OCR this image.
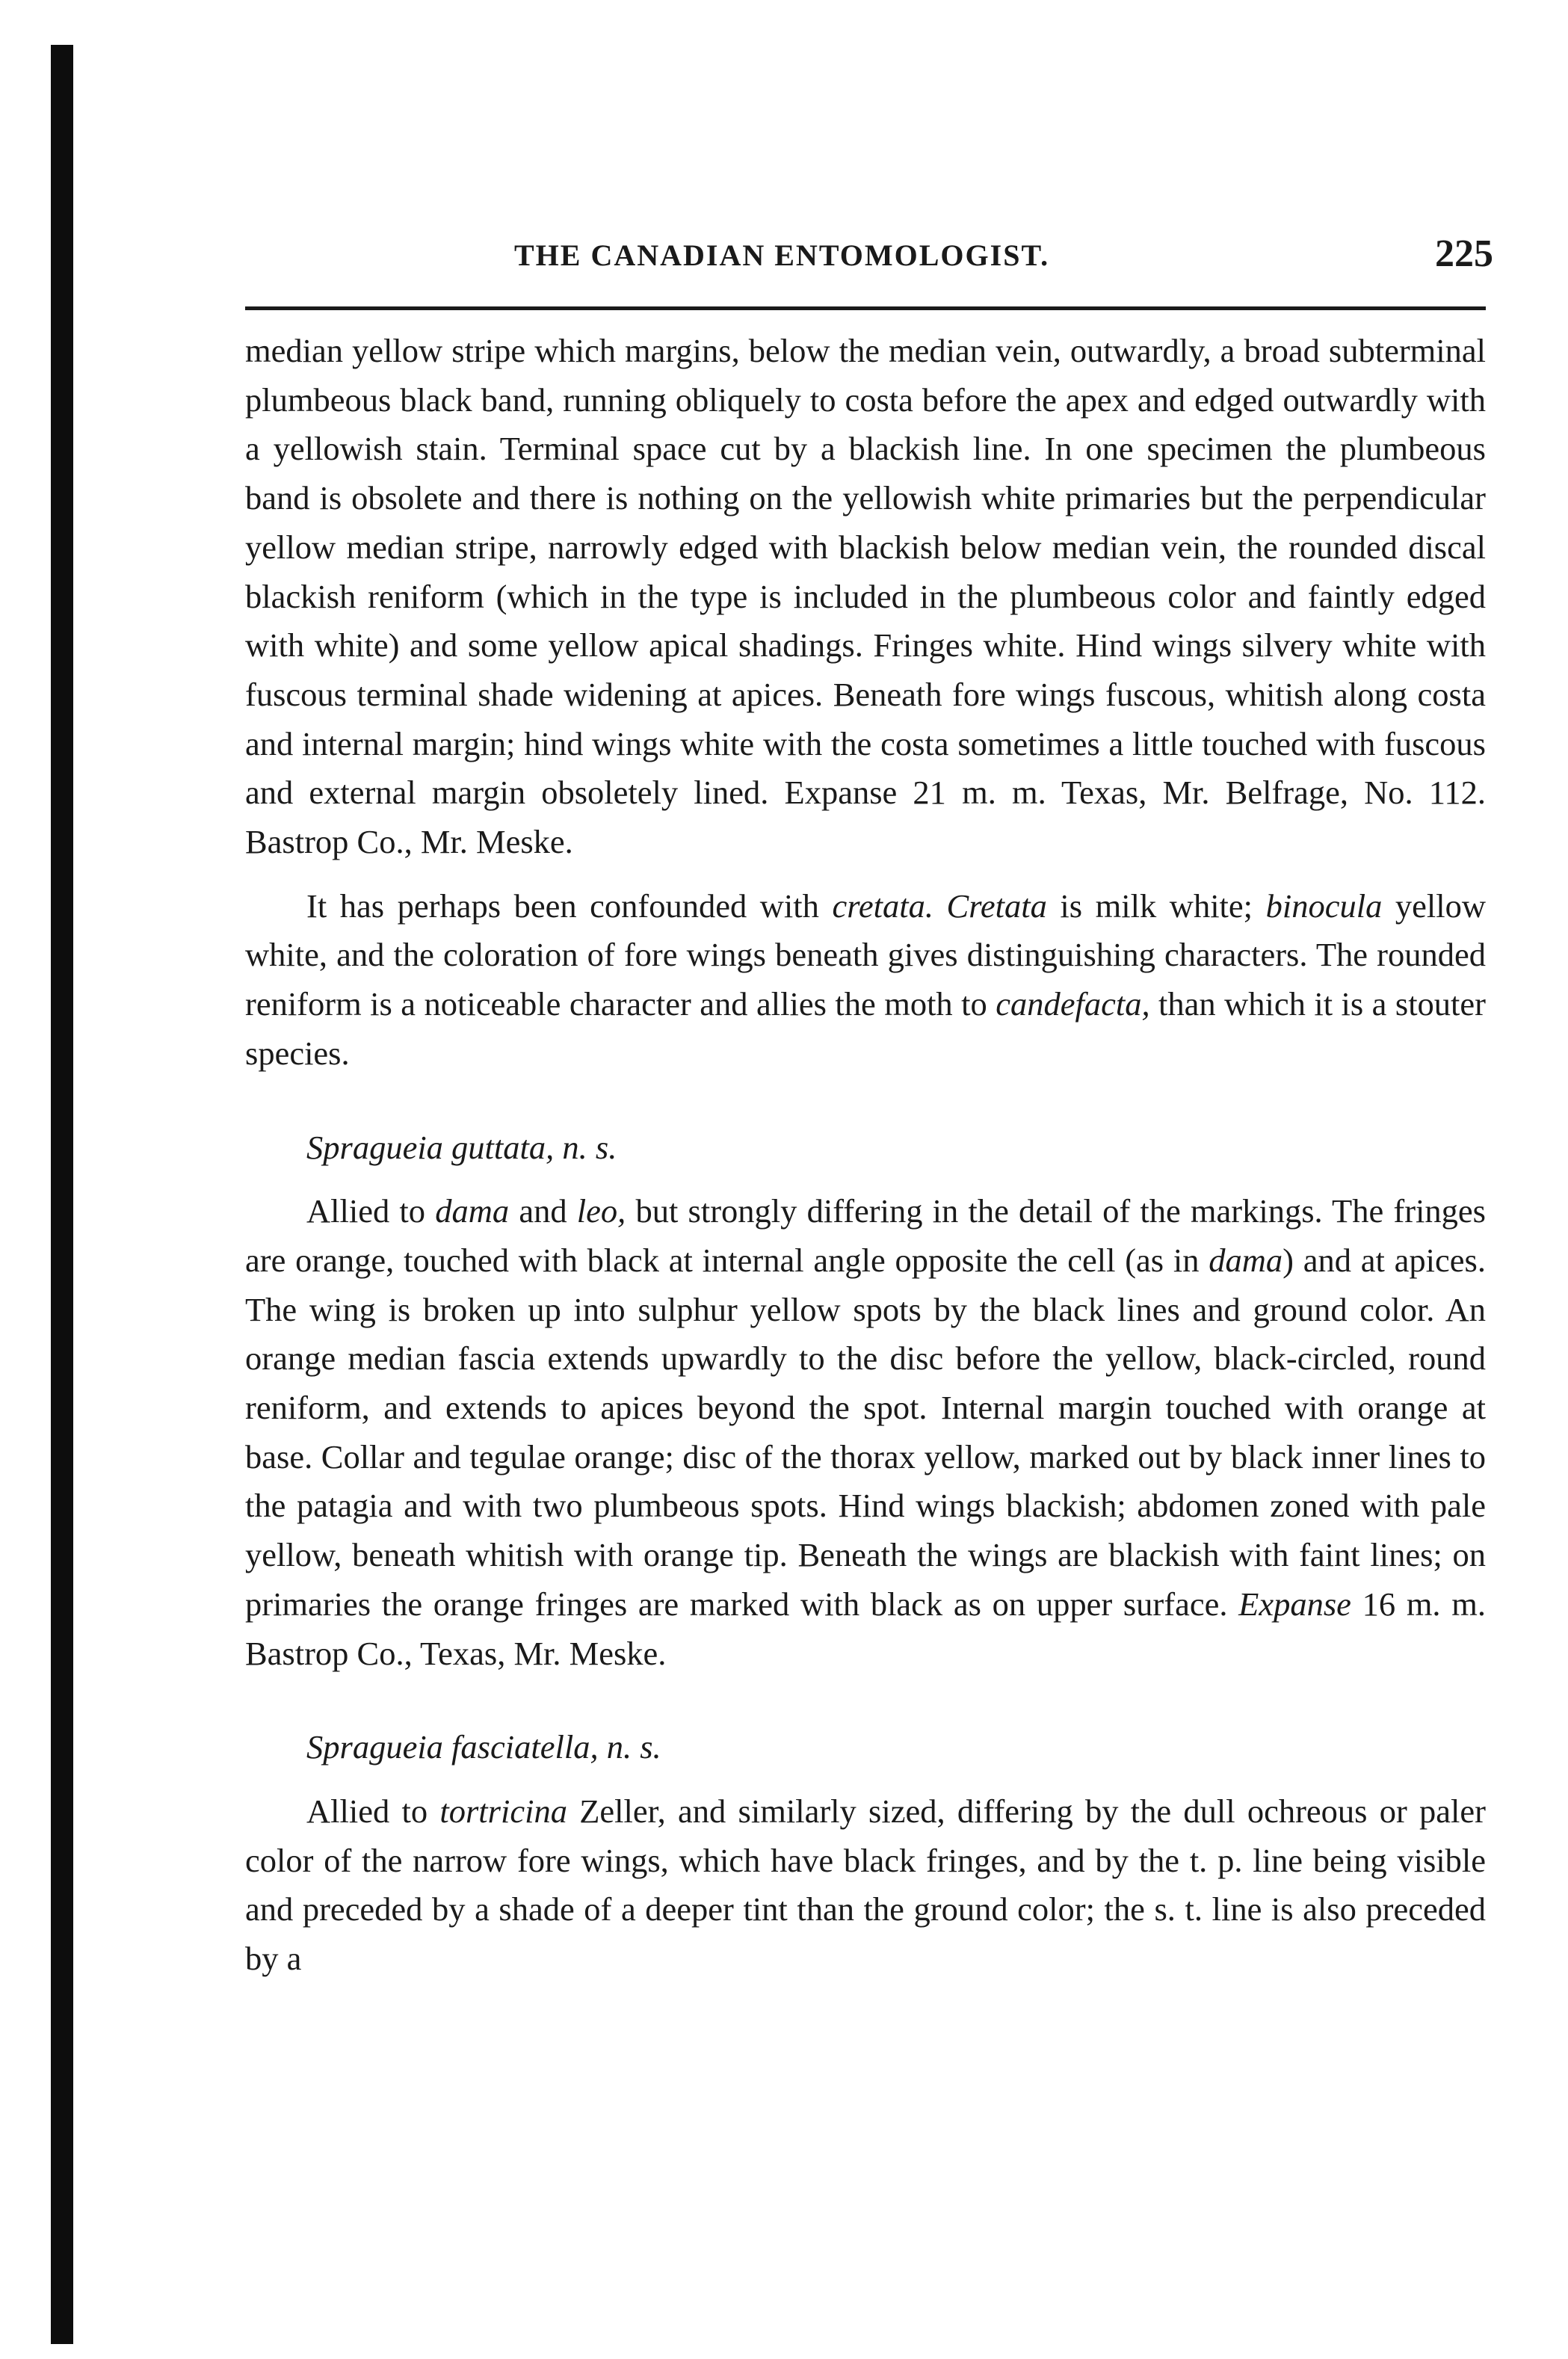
THE CANADIAN ENTOMOLOGIST.	225

median yellow stripe which margins, below the median vein, outwardly, a broad subterminal plumbeous black band, running obliquely to costa before the apex and edged outwardly with a yellowish stain. Terminal space cut by a blackish line. In one specimen the plumbeous band is obsolete and there is nothing on the yellowish white primaries but the perpendicular yellow median stripe, narrowly edged with blackish below median vein, the rounded discal blackish reniform (which in the type is included in the plumbeous color and faintly edged with white) and some yellow apical shadings. Fringes white. Hind wings silvery white with fuscous terminal shade widening at apices. Beneath fore wings fuscous, whitish along costa and internal margin; hind wings white with the costa sometimes a little touched with fuscous and external margin obsoletely lined. Expanse 21 m. m. Texas, Mr. Belfrage, No. 112. Bastrop Co., Mr. Meske.

It has perhaps been confounded with cretata. Cretata is milk white; binocula yellow white, and the coloration of fore wings beneath gives distinguishing characters. The rounded reniform is a noticeable character and allies the moth to candefacta, than which it is a stouter species.

Spragueia guttata, n. s.

Allied to dama and leo, but strongly differing in the detail of the markings. The fringes are orange, touched with black at internal angle opposite the cell (as in dama) and at apices. The wing is broken up into sulphur yellow spots by the black lines and ground color. An orange median fascia extends upwardly to the disc before the yellow, black-circled, round reniform, and extends to apices beyond the spot. Internal margin touched with orange at base. Collar and tegulae orange; disc of the thorax yellow, marked out by black inner lines to the patagia and with two plumbeous spots. Hind wings blackish; abdomen zoned with pale yellow, beneath whitish with orange tip. Beneath the wings are blackish with faint lines; on primaries the orange fringes are marked with black as on upper surface. Expanse 16 m. m. Bastrop Co., Texas, Mr. Meske.

Spragueia fasciatella, n. s.

Allied to tortricina Zeller, and similarly sized, differing by the dull ochreous or paler color of the narrow fore wings, which have black fringes, and by the t. p. line being visible and preceded by a shade of a deeper tint than the ground color; the s. t. line is also preceded by a
